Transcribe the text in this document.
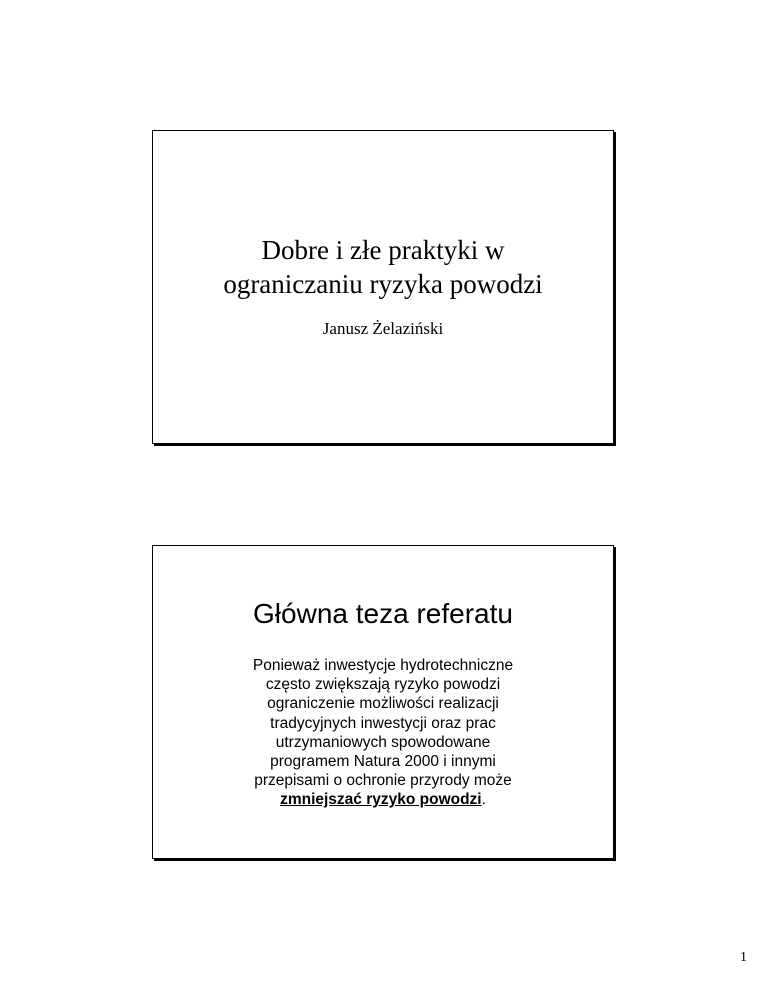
Dobre i złe praktyki w
ograniczaniu ryzyka powodzi
Janusz Żelaziński
Główna teza referatu
Ponieważ inwestycje hydrotechniczne
często zwiększają ryzyko powodzi
ograniczenie możliwości realizacji
tradycyjnych inwestycji oraz prac
utrzymaniowych spowodowane
programem Natura 2000 i innymi
przepisami o ochronie przyrody może
zmniejszać ryzyko powodzi.
1
